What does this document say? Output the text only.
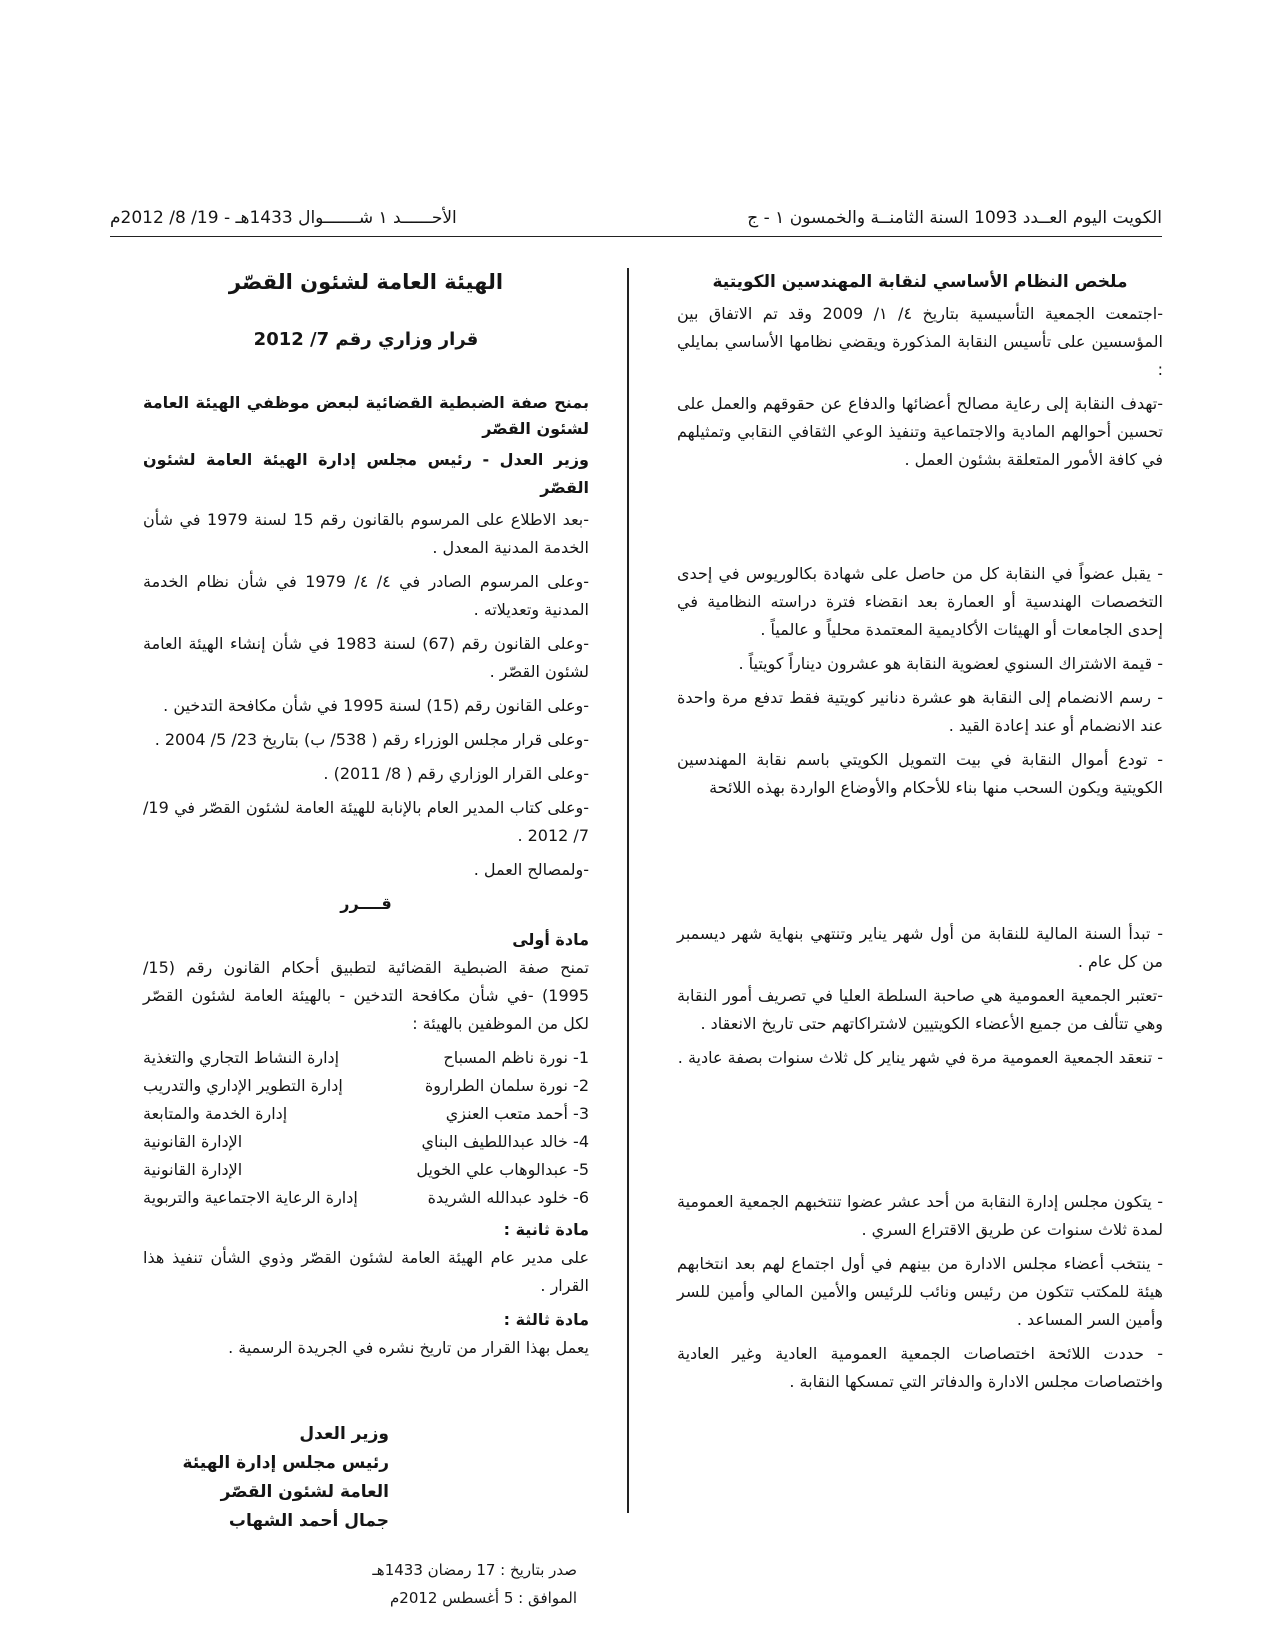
الكويت اليوم العــدد 1093 السنة الثامنــة والخمسون ١ - ج
الأحــــــد ١ شـــــــوال 1433هـ - 19/ 8/ 2012م
ملخص النظام الأساسي لنقابة المهندسين الكويتية

-اجتمعت الجمعية التأسيسية بتاريخ ٤/ ١/ 2009 وقد تم الاتفاق بين المؤسسين على تأسيس النقابة المذكورة ويقضي نظامها الأساسي بمايلي :

-تهدف النقابة إلى رعاية مصالح أعضائها والدفاع عن حقوقهم والعمل على تحسين أحوالهم المادية والاجتماعية وتنفيذ الوعي الثقافي النقابي وتمثيلهم في كافة الأمور المتعلقة بشئون العمل .

- يقبل عضواً في النقابة كل من حاصل على شهادة بكالوريوس في إحدى التخصصات الهندسية أو العمارة بعد انقضاء فترة دراسته النظامية في إحدى الجامعات أو الهيئات الأكاديمية المعتمدة محلياً و عالمياً .

- قيمة الاشتراك السنوي لعضوية النقابة هو عشرون ديناراً كويتياً .

- رسم الانضمام إلى النقابة هو عشرة دنانير كويتية فقط تدفع مرة واحدة عند الانضمام أو عند إعادة القيد .

- تودع أموال النقابة في بيت التمويل الكويتي باسم نقابة المهندسين الكويتية ويكون السحب منها بناء للأحكام والأوضاع الواردة بهذه اللائحة

- تبدأ السنة المالية للنقابة من أول شهر يناير وتنتهي بنهاية شهر ديسمبر من كل عام .

-تعتبر الجمعية العمومية هي صاحبة السلطة العليا في تصريف أمور النقابة وهي تتألف من جميع الأعضاء الكويتيين لاشتراكاتهم حتى تاريخ الانعقاد .

- تنعقد الجمعية العمومية مرة في شهر يناير كل ثلاث سنوات بصفة عادية .

- يتكون مجلس إدارة النقابة من أحد عشر عضوا تنتخبهم الجمعية العمومية لمدة ثلاث سنوات عن طريق الاقتراع السري .

- ينتخب أعضاء مجلس الادارة من بينهم في أول اجتماع لهم بعد انتخابهم هيئة للمكتب تتكون من رئيس ونائب للرئيس والأمين المالي وأمين للسر وأمين السر المساعد .

- حددت اللائحة اختصاصات الجمعية العمومية العادية وغير العادية واختصاصات مجلس الادارة والدفاتر التي تمسكها النقابة .

الهيئة العامة لشئون القصّر
قرار وزاري رقم 7/ 2012
بمنح صفة الضبطية القضائية لبعض موظفي الهيئة العامة لشئون القصّر
وزير العدل - رئيس مجلس إدارة الهيئة العامة لشئون القصّر

-بعد الاطلاع على المرسوم بالقانون رقم 15 لسنة 1979 في شأن الخدمة المدنية المعدل .

-وعلى المرسوم الصادر في ٤/ ٤/ 1979 في شأن نظام الخدمة المدنية وتعديلاته .

-وعلى القانون رقم (67) لسنة 1983 في شأن إنشاء الهيئة العامة لشئون القصّر .

-وعلى القانون رقم (15) لسنة 1995 في شأن مكافحة التدخين .

-وعلى قرار مجلس الوزراء رقم ( 538/ ب) بتاريخ 23/ 5/ 2004 .

-وعلى القرار الوزاري رقم ( 8/ 2011) .

-وعلى كتاب المدير العام بالإنابة للهيئة العامة لشئون القصّر في 19/ 7/ 2012 .

-ولمصالح العمل .

قــــرر
مادة أولى

تمنح صفة الضبطية القضائية لتطبيق أحكام القانون رقم (15/ 1995) -في شأن مكافحة التدخين - بالهيئة العامة لشئون القصّر لكل من الموظفين بالهيئة :

1- نورة ناظم المسباح
إدارة النشاط التجاري والتغذية
2- نورة سلمان الطراروة
إدارة التطوير الإداري والتدريب
3- أحمد متعب العنزي
إدارة الخدمة والمتابعة
4- خالد عبداللطيف البناي
الإدارة القانونية
5- عبدالوهاب علي الخويل
الإدارة القانونية
6- خلود عبدالله الشريدة
إدارة الرعاية الاجتماعية والتربوية
مادة ثانية :

على مدير عام الهيئة العامة لشئون القصّر وذوي الشأن تنفيذ هذا القرار .

مادة ثالثة :

يعمل بهذا القرار من تاريخ نشره في الجريدة الرسمية .

وزير العدل
رئيس مجلس إدارة الهيئة
العامة لشئون القصّر
جمال أحمد الشهاب
صدر بتاريخ : 17 رمضان 1433هـ
الموافق : 5 أغسطس 2012م
